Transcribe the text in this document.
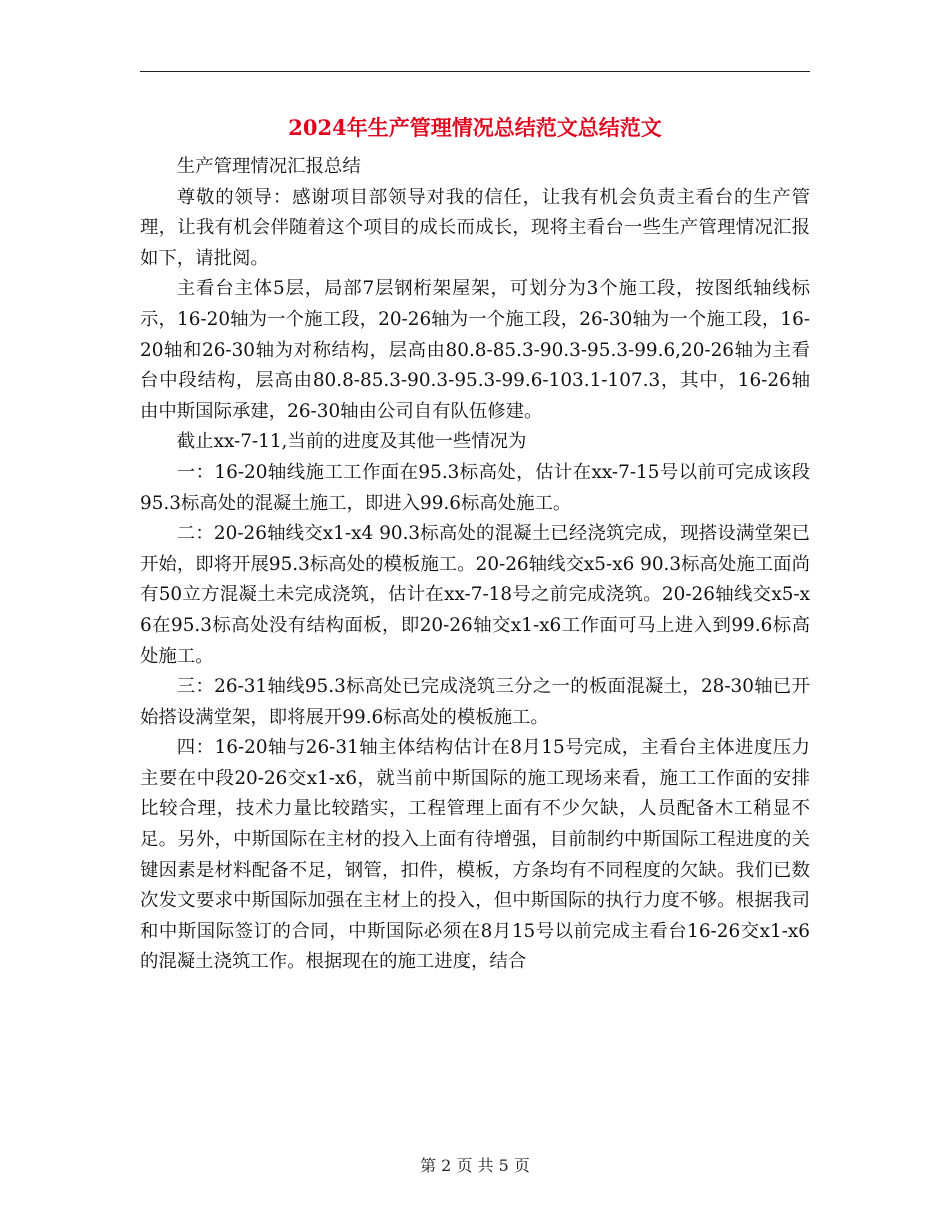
2024年生产管理情况总结范文总结范文

生产管理情况汇报总结

尊敬的领导：感谢项目部领导对我的信任，让我有机会负责主看台的生产管理，让我有机会伴随着这个项目的成长而成长，现将主看台一些生产管理情况汇报如下，请批阅。

主看台主体5层，局部7层钢桁架屋架，可划分为3个施工段，按图纸轴线标示，16-20轴为一个施工段，20-26轴为一个施工段，26-30轴为一个施工段，16-20轴和26-30轴为对称结构，层高由80.8-85.3-90.3-95.3-99.6,20-26轴为主看台中段结构，层高由80.8-85.3-90.3-95.3-99.6-103.1-107.3，其中，16-26轴由中斯国际承建，26-30轴由公司自有队伍修建。

截止xx-7-11,当前的进度及其他一些情况为

一：16-20轴线施工工作面在95.3标高处，估计在xx-7-15号以前可完成该段95.3标高处的混凝土施工，即进入99.6标高处施工。

二：20-26轴线交x1-x4 90.3标高处的混凝土已经浇筑完成，现搭设满堂架已开始，即将开展95.3标高处的模板施工。20-26轴线交x5-x6 90.3标高处施工面尚有50立方混凝土未完成浇筑，估计在xx-7-18号之前完成浇筑。20-26轴线交x5-x6在95.3标高处没有结构面板，即20-26轴交x1-x6工作面可马上进入到99.6标高处施工。

三：26-31轴线95.3标高处已完成浇筑三分之一的板面混凝土，28-30轴已开始搭设满堂架，即将展开99.6标高处的模板施工。

四：16-20轴与26-31轴主体结构估计在8月15号完成，主看台主体进度压力主要在中段20-26交x1-x6，就当前中斯国际的施工现场来看，施工工作面的安排比较合理，技术力量比较踏实，工程管理上面有不少欠缺，人员配备木工稍显不足。另外，中斯国际在主材的投入上面有待增强，目前制约中斯国际工程进度的关键因素是材料配备不足，钢管，扣件，模板，方条均有不同程度的欠缺。我们已数次发文要求中斯国际加强在主材上的投入，但中斯国际的执行力度不够。根据我司和中斯国际签订的合同，中斯国际必须在8月15号以前完成主看台16-26交x1-x6的混凝土浇筑工作。根据现在的施工进度，结合

第 2 页 共 5 页
